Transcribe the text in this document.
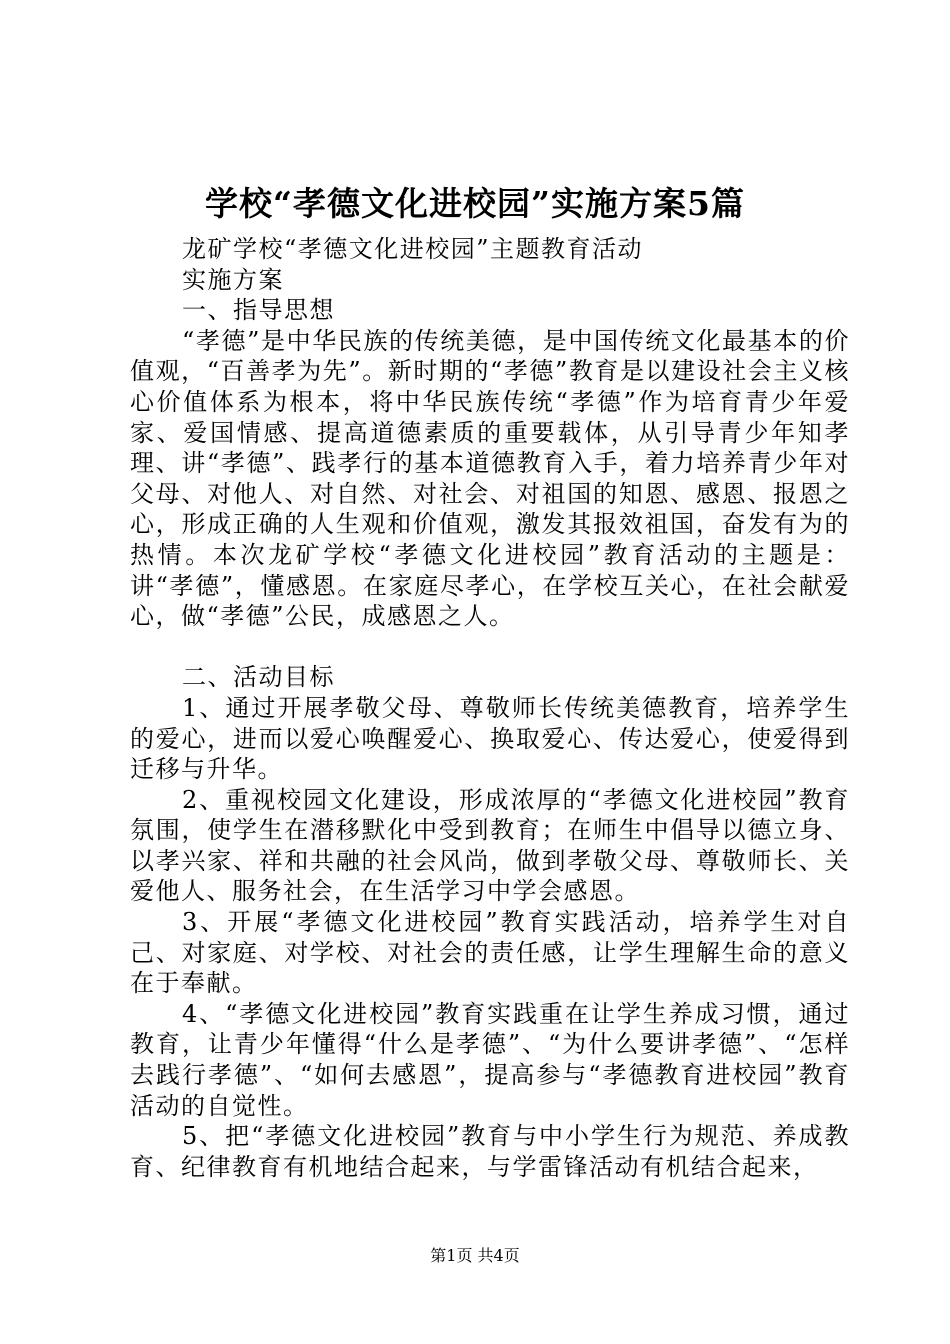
学校“孝德文化进校园”实施方案5篇

龙矿学校“孝德文化进校园”主题教育活动

实施方案

一、指导思想

“孝德”是中华民族的传统美德，是中国传统文化最基本的价值观，“百善孝为先”。新时期的“孝德”教育是以建设社会主义核心价值体系为根本，将中华民族传统“孝德”作为培育青少年爱家、爱国情感、提高道德素质的重要载体，从引导青少年知孝理、讲“孝德”、践孝行的基本道德教育入手，着力培养青少年对父母、对他人、对自然、对社会、对祖国的知恩、感恩、报恩之心，形成正确的人生观和价值观，激发其报效祖国，奋发有为的热情。本次龙矿学校“孝德文化进校园”教育活动的主题是：讲“孝德”，懂感恩。在家庭尽孝心，在学校互关心，在社会献爱心，做“孝德”公民，成感恩之人。

二、活动目标

1、通过开展孝敬父母、尊敬师长传统美德教育，培养学生的爱心，进而以爱心唤醒爱心、换取爱心、传达爱心，使爱得到迁移与升华。

2、重视校园文化建设，形成浓厚的“孝德文化进校园”教育氛围，使学生在潜移默化中受到教育；在师生中倡导以德立身、以孝兴家、祥和共融的社会风尚，做到孝敬父母、尊敬师长、关爱他人、服务社会，在生活学习中学会感恩。

3、开展“孝德文化进校园”教育实践活动，培养学生对自己、对家庭、对学校、对社会的责任感，让学生理解生命的意义在于奉献。

4、“孝德文化进校园”教育实践重在让学生养成习惯，通过教育，让青少年懂得“什么是孝德”、“为什么要讲孝德”、“怎样去践行孝德”、“如何去感恩”，提高参与“孝德教育进校园”教育活动的自觉性。

5、把“孝德文化进校园”教育与中小学生行为规范、养成教育、纪律教育有机地结合起来，与学雷锋活动有机结合起来，

第1页 共4页
